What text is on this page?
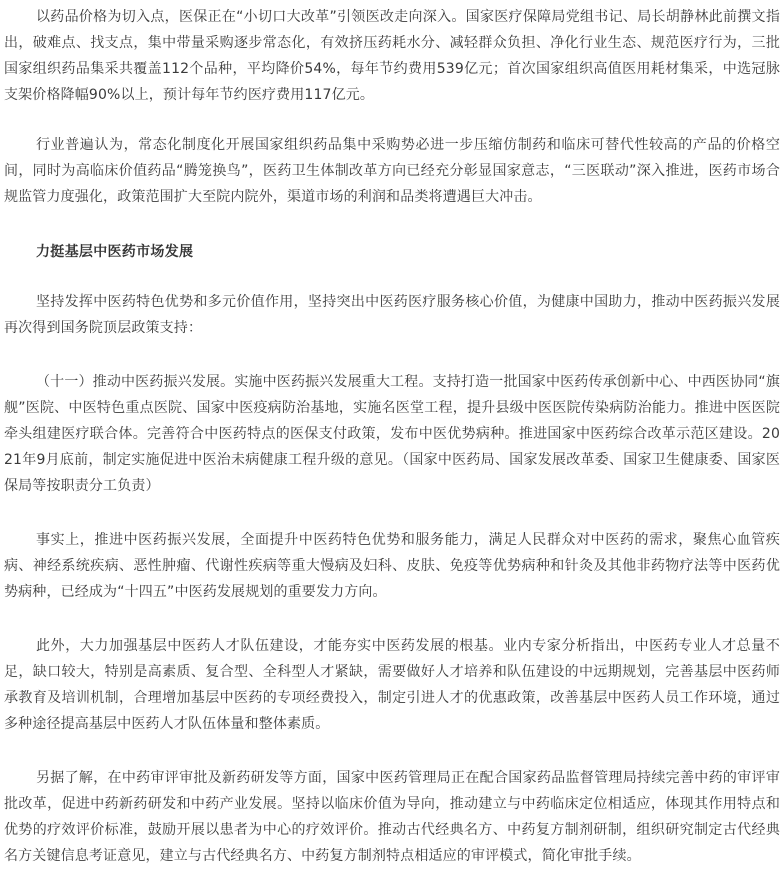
以药品价格为切入点，医保正在“小切口大改革”引领医改走向深入。国家医疗保障局党组书记、局长胡静林此前撰文指出，破难点、找支点，集中带量采购逐步常态化，有效挤压药耗水分、减轻群众负担、净化行业生态、规范医疗行为，三批国家组织药品集采共覆盖112个品种，平均降价54%，每年节约费用539亿元；首次国家组织高值医用耗材集采，中选冠脉支架价格降幅90%以上，预计每年节约医疗费用117亿元。

行业普遍认为，常态化制度化开展国家组织药品集中采购势必进一步压缩仿制药和临床可替代性较高的产品的价格空间，同时为高临床价值药品“腾笼换鸟”，医药卫生体制改革方向已经充分彰显国家意志，“三医联动”深入推进，医药市场合规监管力度强化，政策范围扩大至院内院外，渠道市场的利润和品类将遭遇巨大冲击。

力挺基层中医药市场发展

坚持发挥中医药特色优势和多元价值作用，坚持突出中医药医疗服务核心价值，为健康中国助力，推动中医药振兴发展再次得到国务院顶层政策支持：

（十一）推动中医药振兴发展。实施中医药振兴发展重大工程。支持打造一批国家中医药传承创新中心、中西医协同“旗舰”医院、中医特色重点医院、国家中医疫病防治基地，实施名医堂工程，提升县级中医医院传染病防治能力。推进中医医院牵头组建医疗联合体。完善符合中医药特点的医保支付政策，发布中医优势病种。推进国家中医药综合改革示范区建设。2021年9月底前，制定实施促进中医治未病健康工程升级的意见。（国家中医药局、国家发展改革委、国家卫生健康委、国家医保局等按职责分工负责）

事实上，推进中医药振兴发展，全面提升中医药特色优势和服务能力，满足人民群众对中医药的需求，聚焦心血管疾病、神经系统疾病、恶性肿瘤、代谢性疾病等重大慢病及妇科、皮肤、免疫等优势病种和针灸及其他非药物疗法等中医药优势病种，已经成为“十四五”中医药发展规划的重要发力方向。

此外，大力加强基层中医药人才队伍建设，才能夯实中医药发展的根基。业内专家分析指出，中医药专业人才总量不足，缺口较大，特别是高素质、复合型、全科型人才紧缺，需要做好人才培养和队伍建设的中远期规划，完善基层中医药师承教育及培训机制，合理增加基层中医药的专项经费投入，制定引进人才的优惠政策，改善基层中医药人员工作环境，通过多种途径提高基层中医药人才队伍体量和整体素质。

另据了解，在中药审评审批及新药研发等方面，国家中医药管理局正在配合国家药品监督管理局持续完善中药的审评审批改革，促进中药新药研发和中药产业发展。坚持以临床价值为导向，推动建立与中药临床定位相适应，体现其作用特点和优势的疗效评价标准，鼓励开展以患者为中心的疗效评价。推动古代经典名方、中药复方制剂研制，组织研究制定古代经典名方关键信息考证意见，建立与古代经典名方、中药复方制剂特点相适应的审评模式，简化审批手续。
